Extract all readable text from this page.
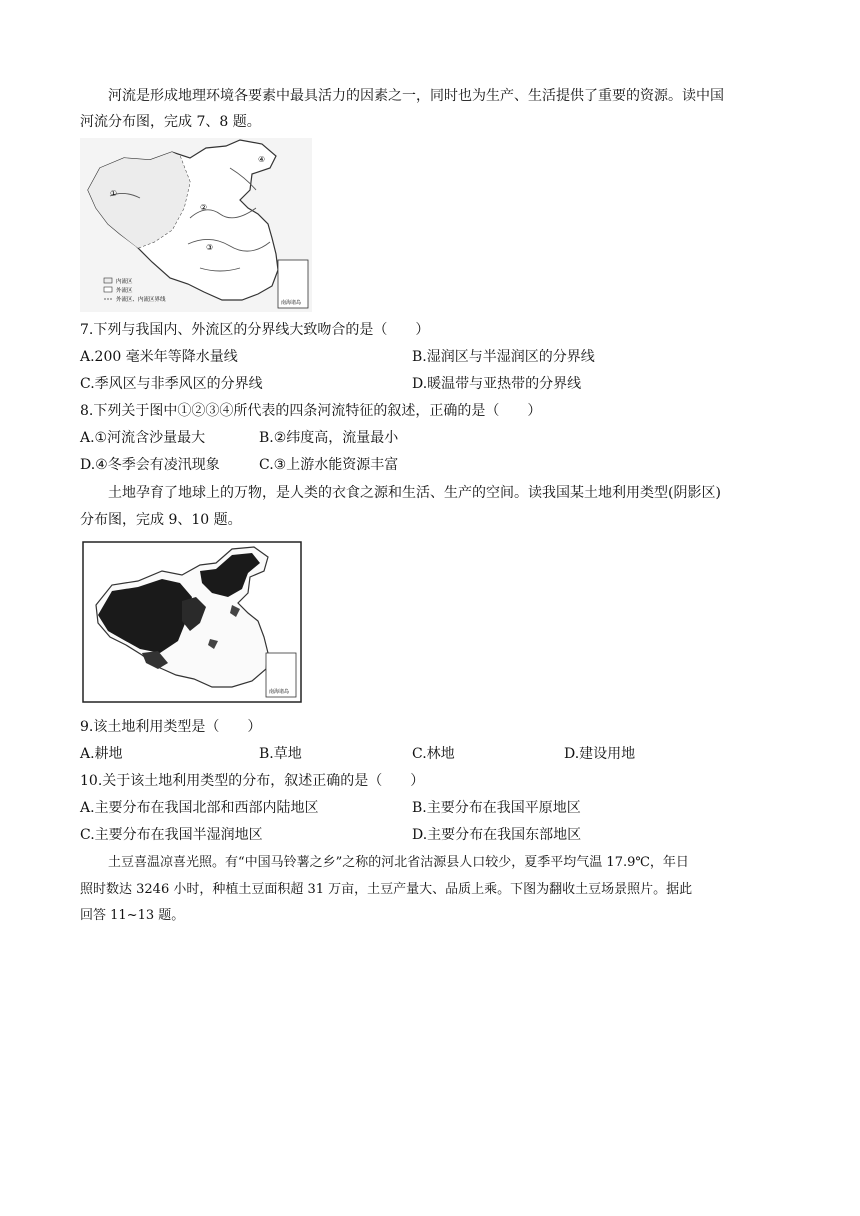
河流是形成地理环境各要素中最具活力的因素之一，同时也为生产、生活提供了重要的资源。读中国
河流分布图，完成 7、8 题。
①
②
③
④
内流区
外流区
外流区、内流区界线	南海诸岛
7.下列与我国内、外流区的分界线大致吻合的是（　　）
A.200 毫米年等降水量线	B.湿润区与半湿润区的分界线
C.季风区与非季风区的分界线	D.暖温带与亚热带的分界线
8.下列关于图中①②③④所代表的四条河流特征的叙述，正确的是（　　）
A.①河流含沙量最大	B.②纬度高，流量最小
D.④冬季会有凌汛现象	C.③上游水能资源丰富
土地孕育了地球上的万物，是人类的衣食之源和生活、生产的空间。读我国某土地利用类型(阴影区)
分布图，完成 9、10 题。
南海诸岛
9.该土地利用类型是（　　）
A.耕地	B.草地	C.林地	D.建设用地
10.关于该土地利用类型的分布，叙述正确的是（　　）
A.主要分布在我国北部和西部内陆地区	B.主要分布在我国平原地区
C.主要分布在我国半湿润地区	D.主要分布在我国东部地区
土豆喜温凉喜光照。有“中国马铃薯之乡”之称的河北省沽源县人口较少，夏季平均气温 17.9℃，年日
照时数达 3246 小时，种植土豆面积超 31 万亩，土豆产量大、品质上乘。下图为翻收土豆场景照片。据此
回答 11~13 题。
